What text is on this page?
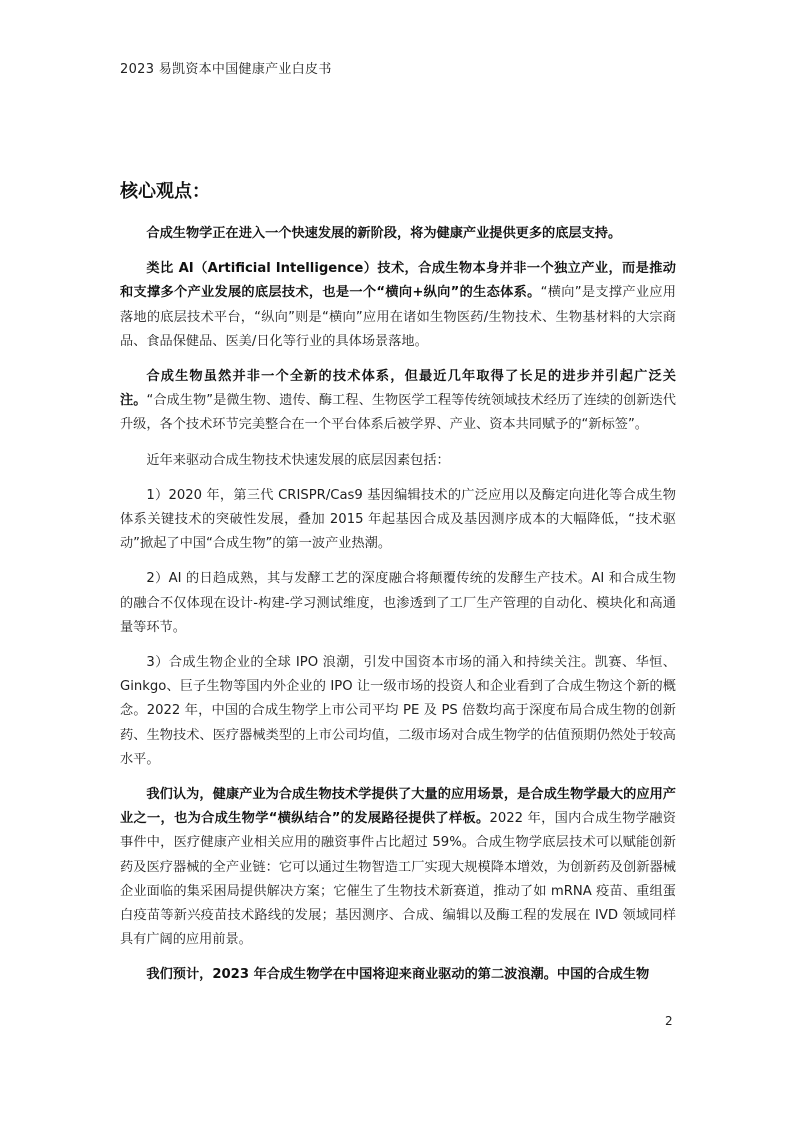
2023 易凯资本中国健康产业白皮书
核心观点：

合成生物学正在进入一个快速发展的新阶段，将为健康产业提供更多的底层支持。

类比 AI（Artificial Intelligence）技术，合成生物本身并非一个独立产业，而是推动和支撑多个产业发展的底层技术，也是一个“横向+纵向”的生态体系。“横向”是支撑产业应用落地的底层技术平台，“纵向”则是“横向”应用在诸如生物医药/生物技术、生物基材料的大宗商品、食品保健品、医美/日化等行业的具体场景落地。

合成生物虽然并非一个全新的技术体系，但最近几年取得了长足的进步并引起广泛关注。“合成生物”是微生物、遗传、酶工程、生物医学工程等传统领域技术经历了连续的创新迭代升级，各个技术环节完美整合在一个平台体系后被学界、产业、资本共同赋予的“新标签”。

近年来驱动合成生物技术快速发展的底层因素包括：

1）2020 年，第三代 CRISPR/Cas9 基因编辑技术的广泛应用以及酶定向进化等合成生物体系关键技术的突破性发展，叠加 2015 年起基因合成及基因测序成本的大幅降低，“技术驱动”掀起了中国“合成生物”的第一波产业热潮。

2）AI 的日趋成熟，其与发酵工艺的深度融合将颠覆传统的发酵生产技术。AI 和合成生物的融合不仅体现在设计-构建-学习测试维度，也渗透到了工厂生产管理的自动化、模块化和高通量等环节。

3）合成生物企业的全球 IPO 浪潮，引发中国资本市场的涌入和持续关注。凯赛、华恒、Ginkgo、巨子生物等国内外企业的 IPO 让一级市场的投资人和企业看到了合成生物这个新的概念。2022 年，中国的合成生物学上市公司平均 PE 及 PS 倍数均高于深度布局合成生物的创新药、生物技术、医疗器械类型的上市公司均值，二级市场对合成生物学的估值预期仍然处于较高水平。

我们认为，健康产业为合成生物技术学提供了大量的应用场景，是合成生物学最大的应用产业之一，也为合成生物学“横纵结合”的发展路径提供了样板。2022 年，国内合成生物学融资事件中，医疗健康产业相关应用的融资事件占比超过 59%。合成生物学底层技术可以赋能创新药及医疗器械的全产业链：它可以通过生物智造工厂实现大规模降本增效，为创新药及创新器械企业面临的集采困局提供解决方案；它催生了生物技术新赛道，推动了如 mRNA 疫苗、重组蛋白疫苗等新兴疫苗技术路线的发展；基因测序、合成、编辑以及酶工程的发展在 IVD 领域同样具有广阔的应用前景。

我们预计，2023 年合成生物学在中国将迎来商业驱动的第二波浪潮。中国的合成生物

2
